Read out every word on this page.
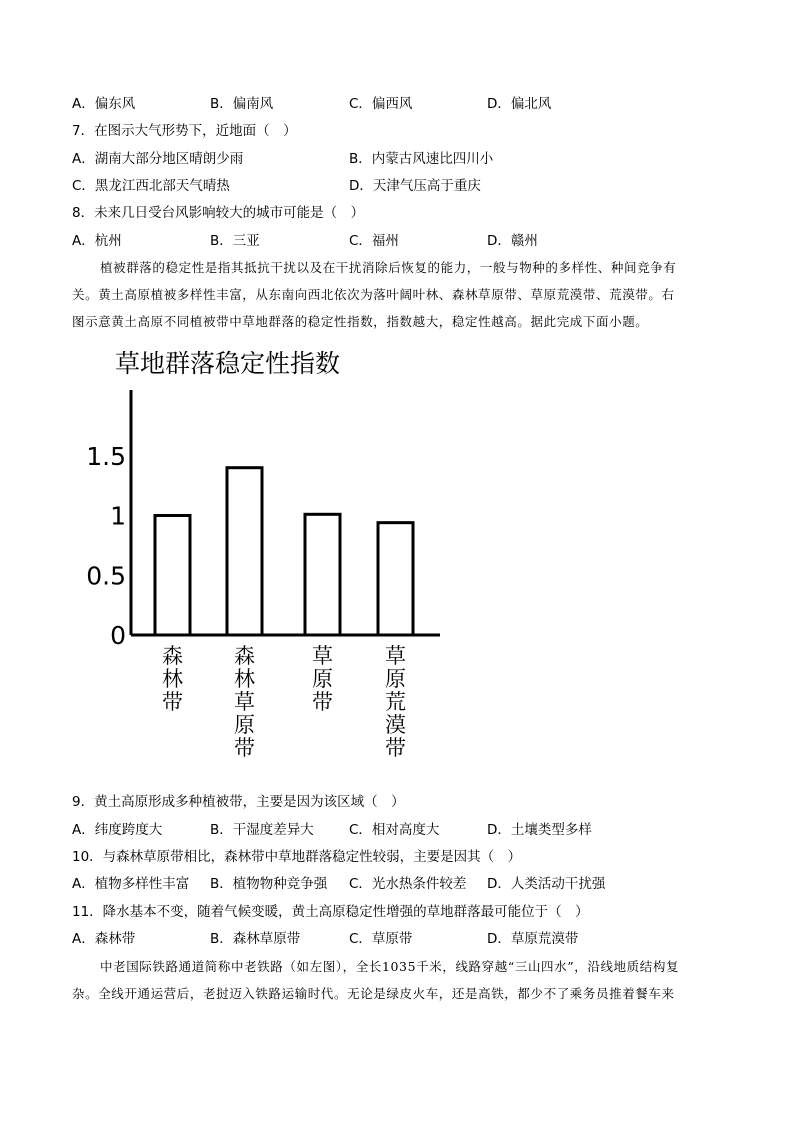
A．偏东风	B．偏南风	C．偏西风	D．偏北风
7．在图示大气形势下，近地面（　）
A．湖南大部分地区晴朗少雨	B．内蒙古风速比四川小
C．黑龙江西北部天气晴热	D．天津气压高于重庆
8．未来几日受台风影响较大的城市可能是（　）
A．杭州	B．三亚	C．福州	D．赣州
植被群落的稳定性是指其抵抗干扰以及在干扰消除后恢复的能力，一般与物种的多样性、种间竞争有
关。黄土高原植被多样性丰富，从东南向西北依次为落叶阔叶林、森林草原带、草原荒漠带、荒漠带。右
图示意黄土高原不同植被带中草地群落的稳定性指数，指数越大，稳定性越高。据此完成下面小题。
草地群落稳定性指数
0
0.5
1
1.5
森林带
森林草原带
草原带
草原荒漠带
9．黄土高原形成多种植被带，主要是因为该区域（　）
A．纬度跨度大	B．干湿度差异大	C．相对高度大	D．土壤类型多样
10．与森林草原带相比，森林带中草地群落稳定性较弱，主要是因其（　）
A．植物多样性丰富 B．植物物种竞争强 C．光水热条件较差 D．人类活动干扰强
11．降水基本不变，随着气候变暖，黄土高原稳定性增强的草地群落最可能位于（　）
A．森林带	B．森林草原带	C．草原带	D．草原荒漠带
中老国际铁路通道简称中老铁路（如左图），全长1035千米，线路穿越“三山四水”，沿线地质结构复
杂。全线开通运营后，老挝迈入铁路运输时代。无论是绿皮火车，还是高铁，都少不了乘务员推着餐车来
